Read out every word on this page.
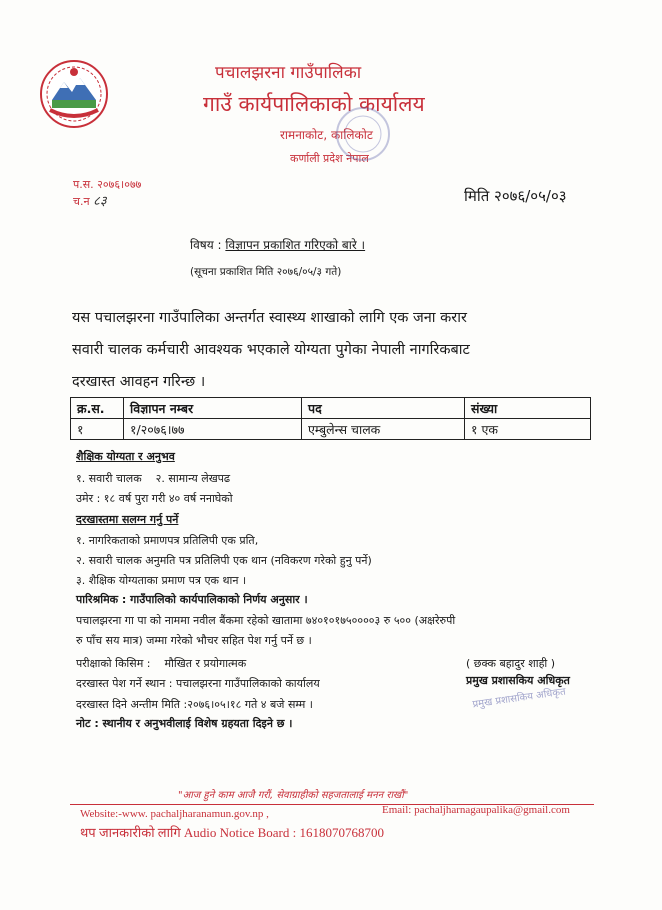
पचालझरना गाउँपालिका
गाउँ कार्यपालिकाको कार्यालय
रामनाकोट, कालिकोट
कर्णाली प्रदेश नेपाल
प.स. २०७६।०७७
च.न ८३	मिति २०७६/०५/०३
विषय : विज्ञापन प्रकाशित गरिएको बारे ।
(सूचना प्रकाशित मिति २०७६/०५/३ गते)
यस पचालझरना गाउँपालिका अन्तर्गत स्वास्थ्य शाखाको लागि एक जना करार
सवारी चालक कर्मचारी आवश्यक भएकाले योग्यता पुगेका नेपाली नागरिकबाट
दरखास्त आवहन गरिन्छ ।
क्र.स.	विज्ञापन नम्बर	पद	संख्या
१	१/२०७६।७७	एम्बुलेन्स चालक	१ एक
शैक्षिक योग्यता र अनुभव
१. सवारी चालक    २. सामान्य लेखपढ
उमेर : १८ वर्ष पुरा गरी ४० वर्ष ननाघेको
दरखास्तमा सलग्न गर्नु पर्ने
१. नागरिकताको प्रमाणपत्र प्रतिलिपी एक प्रति,
२. सवारी चालक अनुमति पत्र प्रतिलिपी एक थान (नविकरण गरेको हुनु पर्ने)
३. शैक्षिक योग्यताका प्रमाण पत्र एक थान ।
पारिश्रमिक : गाउँपालिको कार्यपालिकाको निर्णय अनुसार ।
पचालझरना गा पा को नाममा नवील बैंकमा रहेको खातामा ७४०१०१७५००००३ रु ५०० (अक्षरेरुपी
रु पाँच सय मात्र) जम्मा गरेको भौचर सहित पेश गर्नु पर्ने छ ।
परीक्षाको किसिम :    मौखित र प्रयोगात्मक
दरखास्त पेश गर्ने स्थान : पचालझरना गाउँपालिकाको कार्यालय
दरखास्त दिने अन्तीम मिति :२०७६।०५।१८ गते ४ बजे सम्म ।
नोट : स्थानीय र अनुभवीलाई विशेष ग्रहयता दिइने छ ।
( छक्क बहादुर शाही )
प्रमुख प्रशासकिय अधिकृत
प्रमुख प्रशासकिय अधिकृत
"आज हुने काम आजै गरौं, सेवाग्राहीको सहजतालाई मनन राखौं"
Website:-www. pachaljharanamun.gov.np ,	Email: pachaljharnagaupalika@gmail.com
थप जानकारीको लागि Audio Notice Board : 1618070768700
